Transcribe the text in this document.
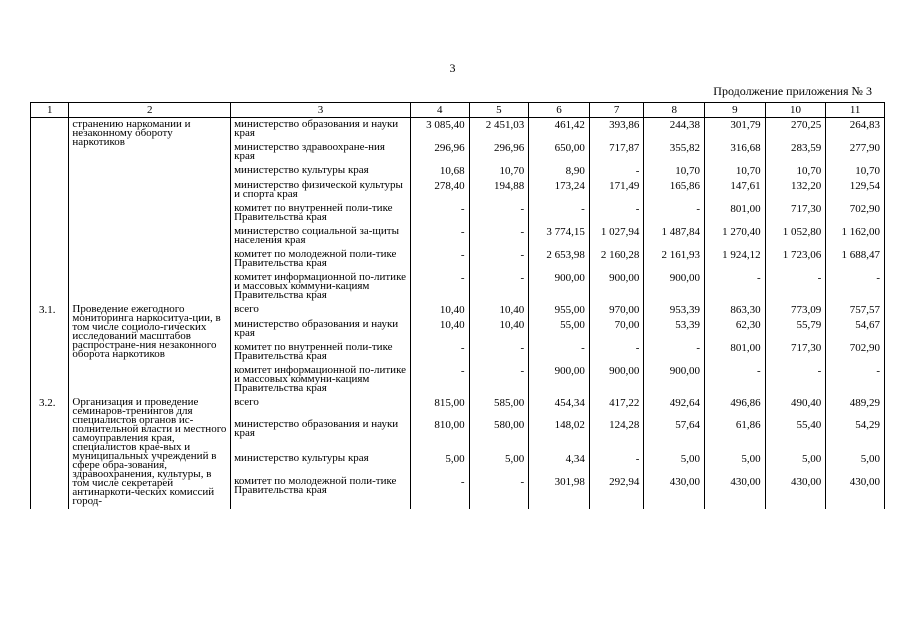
3
Продолжение приложения № 3
1	2	3	4	5	6	7	8	9	10	11
	странению наркомании и незаконному обороту наркотиков	министерство образования и науки края	3 085,40	2 451,03	461,42	393,86	244,38	301,79	270,25	264,83
		министерство здравоохране-ния края	296,96	296,96	650,00	717,87	355,82	316,68	283,59	277,90
		министерство культуры края	10,68	10,70	8,90	-	10,70	10,70	10,70	10,70
		министерство физической культуры и спорта края	278,40	194,88	173,24	171,49	165,86	147,61	132,20	129,54
		комитет по внутренней поли-тике Правительства края	-	-	-	-	-	801,00	717,30	702,90
		министерство социальной за-щиты населения края	-	-	3 774,15	1 027,94	1 487,84	1 270,40	1 052,80	1 162,00
		комитет по молодежной поли-тике Правительства края	-	-	2 653,98	2 160,28	2 161,93	1 924,12	1 723,06	1 688,47
		комитет информационной по-литике и массовых коммуни-кациям Правительства края	-	-	900,00	900,00	900,00	-	-	-
3.1.	Проведение ежегодного мониторинга наркоситуа-ции, в том числе социоло-гических исследований масштабов распростране-ния незаконного оборота наркотиков	всего	10,40	10,40	955,00	970,00	953,39	863,30	773,09	757,57
		министерство образования и науки края	10,40	10,40	55,00	70,00	53,39	62,30	55,79	54,67
		комитет по внутренней поли-тике Правительства края	-	-	-	-	-	801,00	717,30	702,90
		комитет информационной по-литике и массовых коммуни-кациям Правительства края	-	-	900,00	900,00	900,00	-	-	-
3.2.	Организация и проведение семинаров-тренингов для специалистов органов ис-полнительной власти и местного самоуправления края, специалистов крае-вых и муниципальных учреждений в сфере обра-зования, здравоохранения, культуры, в том числе секретарей антинаркоти-ческих комиссий город-	всего	815,00	585,00	454,34	417,22	492,64	496,86	490,40	489,29
		министерство образования и науки края	810,00	580,00	148,02	124,28	57,64	61,86	55,40	54,29
		министерство культуры края	5,00	5,00	4,34	-	5,00	5,00	5,00	5,00
		комитет по молодежной поли-тике Правительства края	-	-	301,98	292,94	430,00	430,00	430,00	430,00
